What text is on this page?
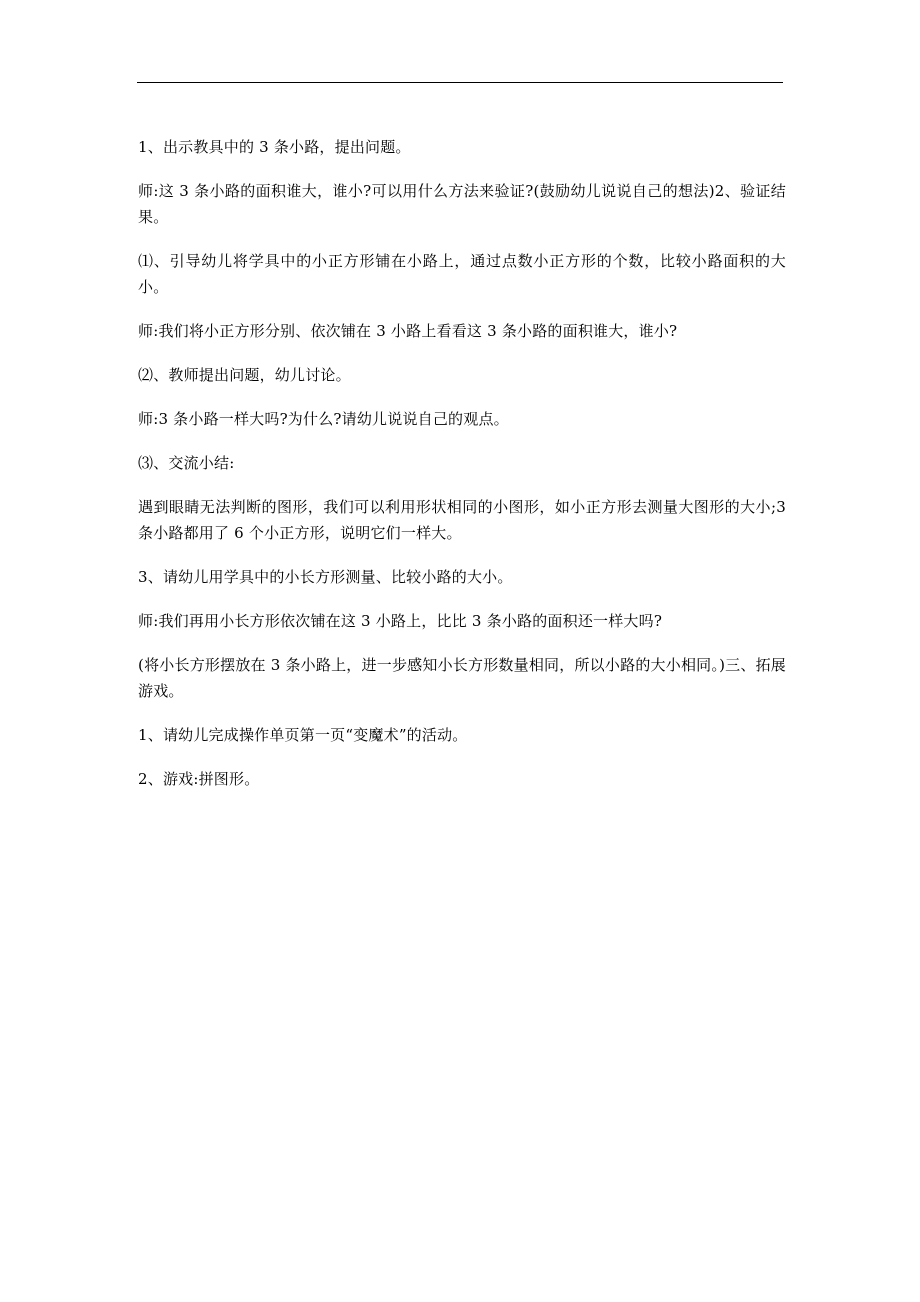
1、出示教具中的 3 条小路，提出问题。

师:这 3 条小路的面积谁大，谁小?可以用什么方法来验证?(鼓励幼儿说说自己的想法)2、验证结果。

⑴、引导幼儿将学具中的小正方形铺在小路上，通过点数小正方形的个数，比较小路面积的大小。

师:我们将小正方形分别、依次铺在 3 小路上看看这 3 条小路的面积谁大，谁小?

⑵、教师提出问题，幼儿讨论。

师:3 条小路一样大吗?为什么?请幼儿说说自己的观点。

⑶、交流小结:

遇到眼睛无法判断的图形，我们可以利用形状相同的小图形，如小正方形去测量大图形的大小;3 条小路都用了 6 个小正方形，说明它们一样大。

3、请幼儿用学具中的小长方形测量、比较小路的大小。

师:我们再用小长方形依次铺在这 3 小路上，比比 3 条小路的面积还一样大吗?

(将小长方形摆放在 3 条小路上，进一步感知小长方形数量相同，所以小路的大小相同。)三、拓展游戏。

1、请幼儿完成操作单页第一页“变魔术”的活动。

2、游戏:拼图形。
